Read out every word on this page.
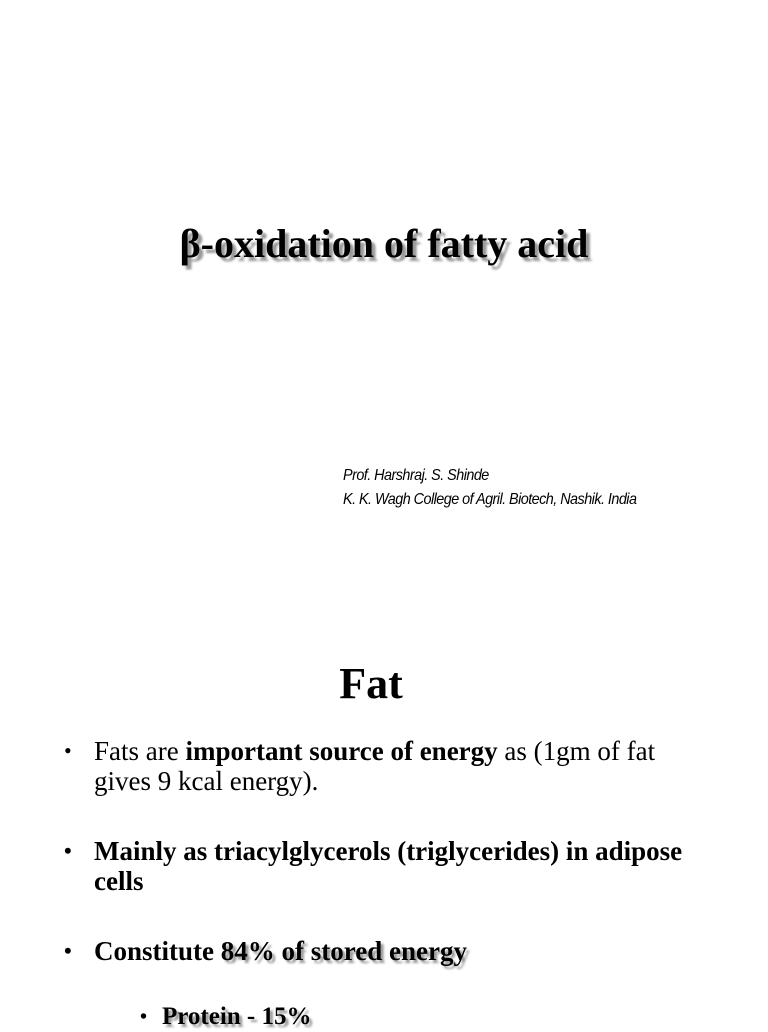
β-oxidation of fatty acid
Prof. Harshraj. S. Shinde
K. K. Wagh College of Agril. Biotech, Nashik. India
Fat
• Fats are important source of energy as (1gm of fat gives 9 kcal energy).
• Mainly as triacylglycerols (triglycerides) in adipose cells
• Constitute 84% of stored energy
• Protein - 15%
